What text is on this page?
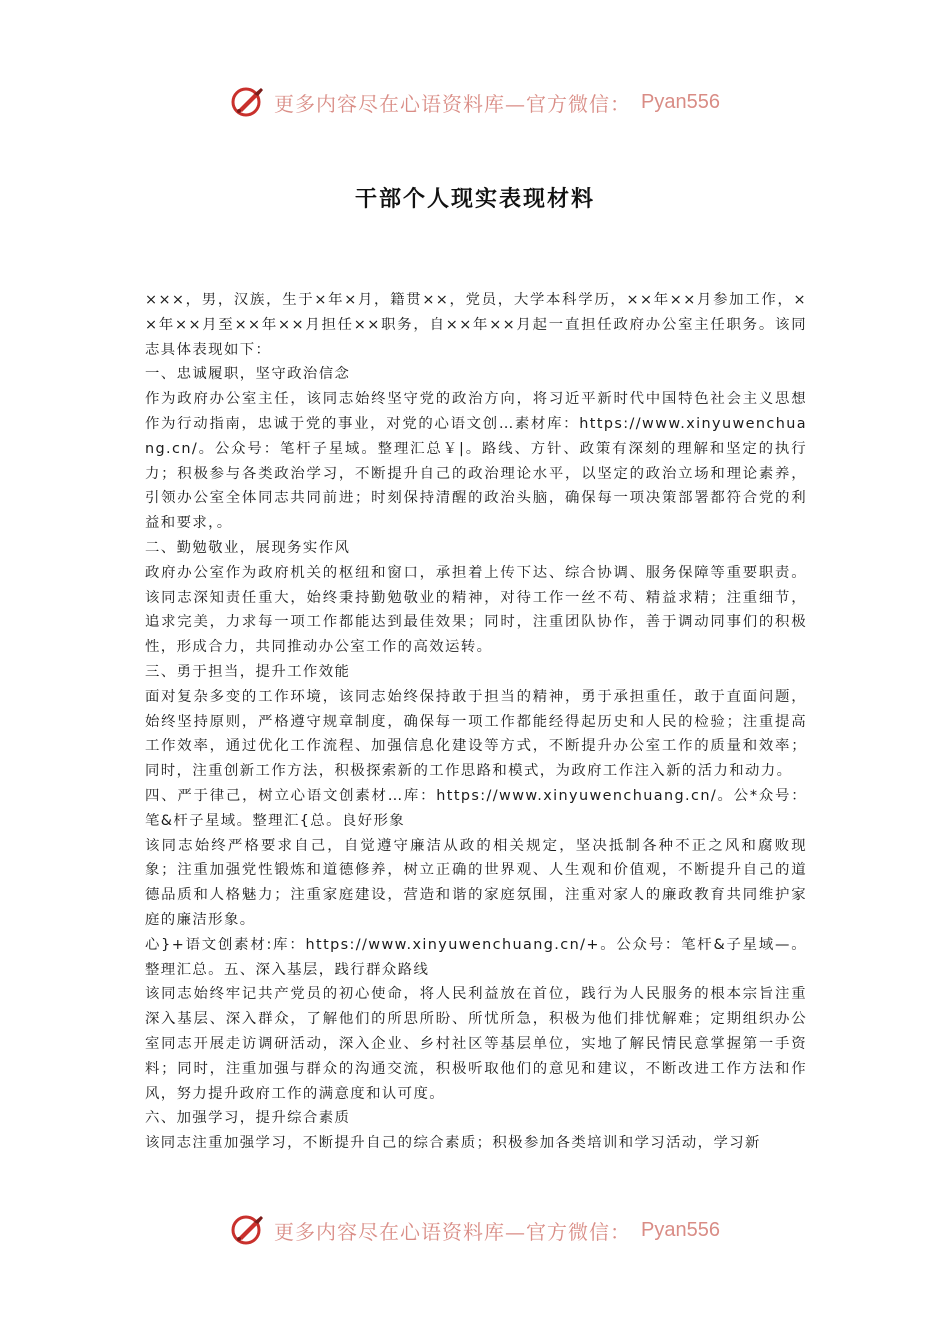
更多内容尽在心语资料库—官方微信： Pyan556
干部个人现实表现材料

×××，男，汉族，生于×年×月，籍贯××，党员，大学本科学历，××年××月参加工作，××年××月至××年××月担任××职务，自××年××月起一直担任政府办公室主任职务。该同志具体表现如下：

一、忠诚履职，坚守政治信念

作为政府办公室主任，该同志始终坚守党的政治方向，将习近平新时代中国特色社会主义思想作为行动指南，忠诚于党的事业，对党的心语文创…素材库：https://www.xinyuwenchuang.cn/。公众号：笔杆子星域。整理汇总￥|。路线、方针、政策有深刻的理解和坚定的执行力；积极参与各类政治学习，不断提升自己的政治理论水平，以坚定的政治立场和理论素养，引领办公室全体同志共同前进；时刻保持清醒的政治头脑，确保每一项决策部署都符合党的利益和要求，。

二、勤勉敬业，展现务实作风

政府办公室作为政府机关的枢纽和窗口，承担着上传下达、综合协调、服务保障等重要职责。该同志深知责任重大，始终秉持勤勉敬业的精神，对待工作一丝不苟、精益求精；注重细节，追求完美，力求每一项工作都能达到最佳效果；同时，注重团队协作，善于调动同事们的积极性，形成合力，共同推动办公室工作的高效运转。

三、勇于担当，提升工作效能

面对复杂多变的工作环境，该同志始终保持敢于担当的精神，勇于承担重任，敢于直面问题，始终坚持原则，严格遵守规章制度，确保每一项工作都能经得起历史和人民的检验；注重提高工作效率，通过优化工作流程、加强信息化建设等方式，不断提升办公室工作的质量和效率；同时，注重创新工作方法，积极探索新的工作思路和模式，为政府工作注入新的活力和动力。

四、严于律己，树立心语文创素材…库：https://www.xinyuwenchuang.cn/。公*众号：笔&杆子星域。整理汇{总。良好形象

该同志始终严格要求自己，自觉遵守廉洁从政的相关规定，坚决抵制各种不正之风和腐败现象；注重加强党性锻炼和道德修养，树立正确的世界观、人生观和价值观，不断提升自己的道德品质和人格魅力；注重家庭建设，营造和谐的家庭氛围，注重对家人的廉政教育共同维护家庭的廉洁形象。

心}+语文创素材:库：https://www.xinyuwenchuang.cn/+。公众号：笔杆&子星域—。整理汇总。五、深入基层，践行群众路线

该同志始终牢记共产党员的初心使命，将人民利益放在首位，践行为人民服务的根本宗旨注重深入基层、深入群众，了解他们的所思所盼、所忧所急，积极为他们排忧解难；定期组织办公室同志开展走访调研活动，深入企业、乡村社区等基层单位，实地了解民情民意掌握第一手资料；同时，注重加强与群众的沟通交流，积极听取他们的意见和建议，不断改进工作方法和作风，努力提升政府工作的满意度和认可度。

六、加强学习，提升综合素质

该同志注重加强学习，不断提升自己的综合素质；积极参加各类培训和学习活动，学习新

更多内容尽在心语资料库—官方微信： Pyan556
